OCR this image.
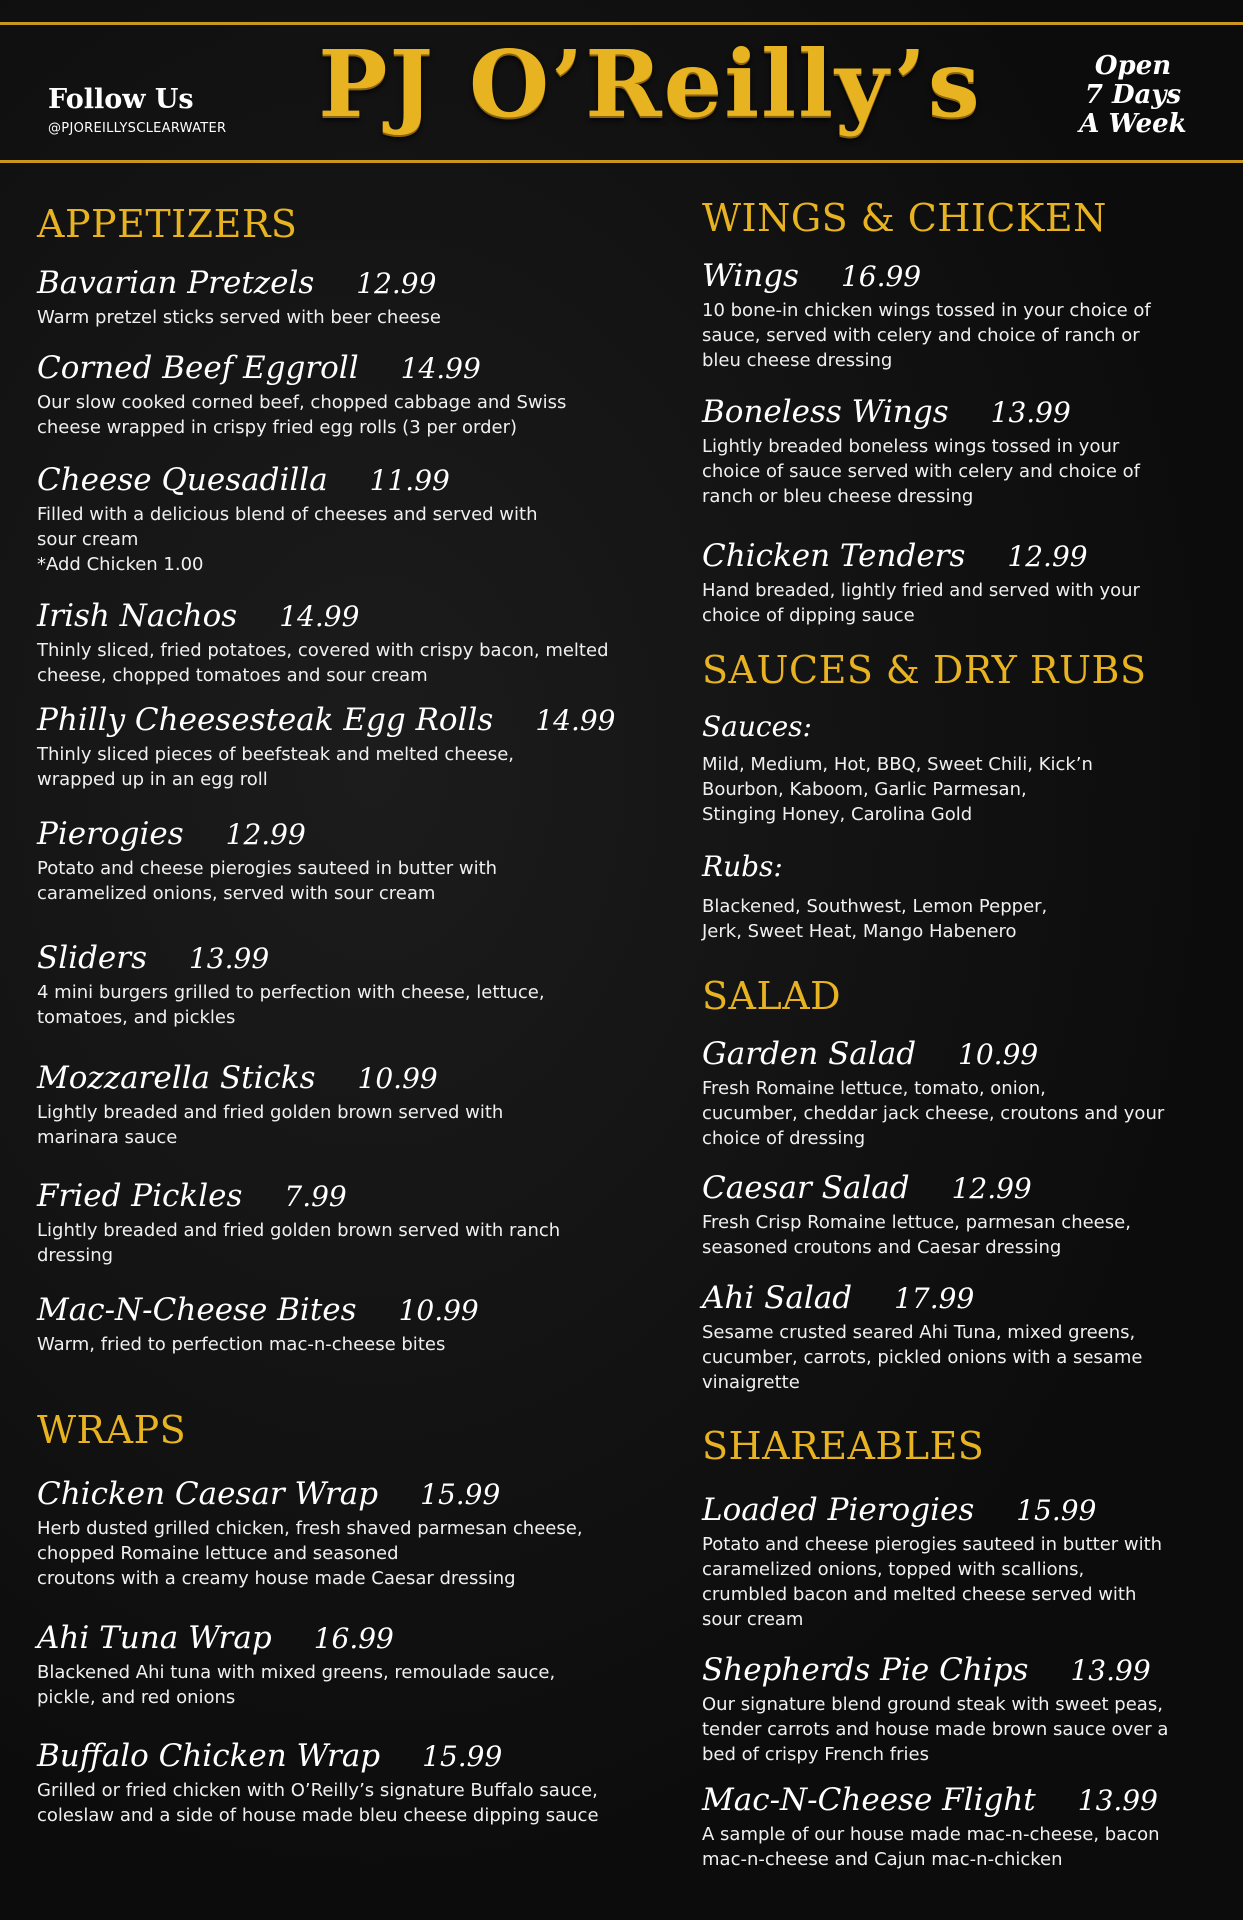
Follow Us
@PJOREILLYSCLEARWATER PJ O’Reilly’s	Open
7 Days
A Week
APPETIZERS
Bavarian Pretzels 12.99
Warm pretzel sticks served with beer cheese
Corned Beef Eggroll 14.99
Our slow cooked corned beef, chopped cabbage and Swiss
cheese wrapped in crispy fried egg rolls (3 per order)
Cheese Quesadilla 11.99
Filled with a delicious blend of cheeses and served with
sour cream
*Add Chicken 1.00
Irish Nachos 14.99
Thinly sliced, fried potatoes, covered with crispy bacon, melted
cheese, chopped tomatoes and sour cream
Philly Cheesesteak Egg Rolls 14.99
Thinly sliced pieces of beefsteak and melted cheese,
wrapped up in an egg roll
Pierogies 12.99
Potato and cheese pierogies sauteed in butter with
caramelized onions, served with sour cream
Sliders 13.99
4 mini burgers grilled to perfection with cheese, lettuce,
tomatoes, and pickles
Mozzarella Sticks 10.99
Lightly breaded and fried golden brown served with
marinara sauce
Fried Pickles 7.99
Lightly breaded and fried golden brown served with ranch
dressing
Mac-N-Cheese Bites 10.99
Warm, fried to perfection mac-n-cheese bites
WRAPS
Chicken Caesar Wrap 15.99
Herb dusted grilled chicken, fresh shaved parmesan cheese,
chopped Romaine lettuce and seasoned
croutons with a creamy house made Caesar dressing
Ahi Tuna Wrap 16.99
Blackened Ahi tuna with mixed greens, remoulade sauce,
pickle, and red onions
Buffalo Chicken Wrap 15.99
Grilled or fried chicken with O’Reilly’s signature Buffalo sauce,
coleslaw and a side of house made bleu cheese dipping sauce
WINGS & CHICKEN
Wings 16.99
10 bone-in chicken wings tossed in your choice of
sauce, served with celery and choice of ranch or
bleu cheese dressing
Boneless Wings 13.99
Lightly breaded boneless wings tossed in your
choice of sauce served with celery and choice of
ranch or bleu cheese dressing
Chicken Tenders 12.99
Hand breaded, lightly fried and served with your
choice of dipping sauce
SAUCES & DRY RUBS
Sauces:
Mild, Medium, Hot, BBQ, Sweet Chili, Kick’n
Bourbon, Kaboom, Garlic Parmesan,
Stinging Honey, Carolina Gold
Rubs:
Blackened, Southwest, Lemon Pepper,
Jerk, Sweet Heat, Mango Habenero
SALAD
Garden Salad 10.99
Fresh Romaine lettuce, tomato, onion,
cucumber, cheddar jack cheese, croutons and your
choice of dressing
Caesar Salad 12.99
Fresh Crisp Romaine lettuce, parmesan cheese,
seasoned croutons and Caesar dressing
Ahi Salad 17.99
Sesame crusted seared Ahi Tuna, mixed greens,
cucumber, carrots, pickled onions with a sesame
vinaigrette
SHAREABLES
Loaded Pierogies 15.99
Potato and cheese pierogies sauteed in butter with
caramelized onions, topped with scallions,
crumbled bacon and melted cheese served with
sour cream
Shepherds Pie Chips 13.99
Our signature blend ground steak with sweet peas,
tender carrots and house made brown sauce over a
bed of crispy French fries
Mac-N-Cheese Flight 13.99
A sample of our house made mac-n-cheese, bacon
mac-n-cheese and Cajun mac-n-chicken
